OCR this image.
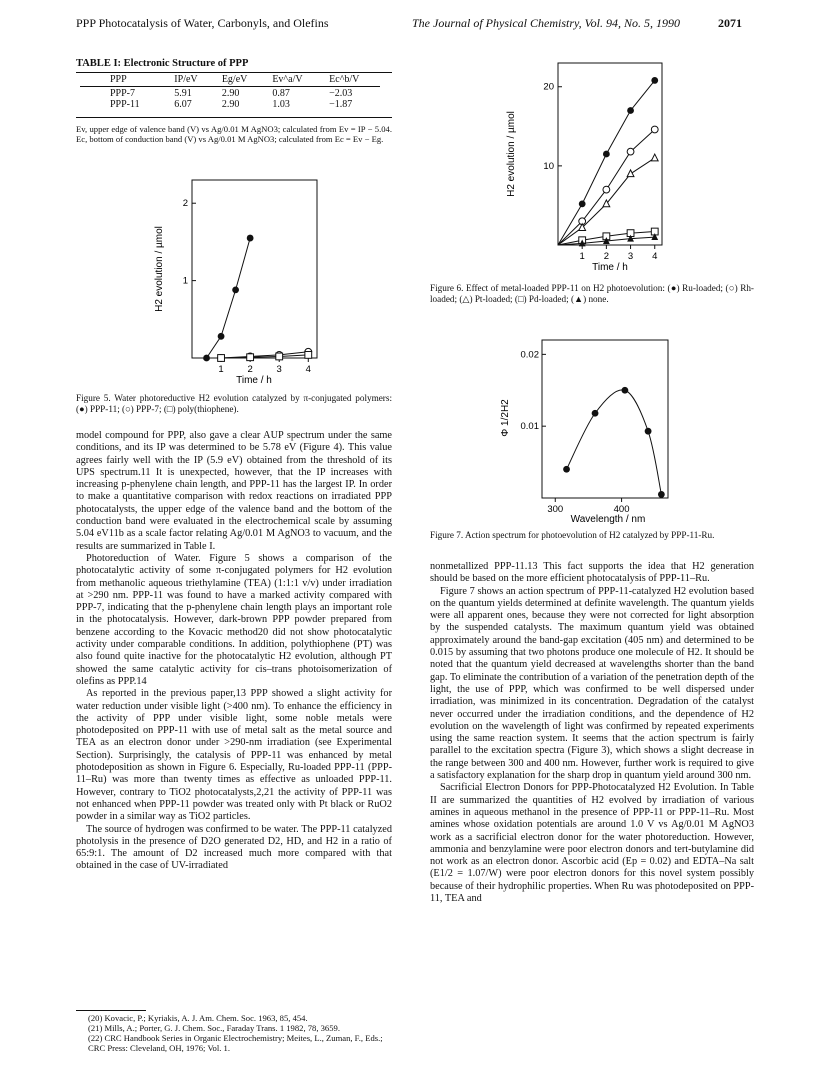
PPP Photocatalysis of Water, Carbonyls, and Olefins	The Journal of Physical Chemistry, Vol. 94, No. 5, 1990	2071
TABLE I: Electronic Structure of PPP
PPP	IP/eV	Eg/eV	Ev^a/V	Ec^b/V

PPP-7	5.91	2.90	0.87	−2.03
PPP-11	6.07	2.90	1.03	−1.87
Ev, upper edge of valence band (V) vs Ag/0.01 M AgNO3; calculated from Ev = IP − 5.04. Ec, bottom of conduction band (V) vs Ag/0.01 M AgNO3; calculated from Ec = Ev − Eg.
1	2	3	4
1
2
H2 evolution / µmol
Time / h
Figure 5. Water photoreductive H2 evolution catalyzed by π-conjugated polymers: (●) PPP-11; (○) PPP-7; (□) poly(thiophene).

model compound for PPP, also gave a clear AUP spectrum under the same conditions, and its IP was determined to be 5.78 eV (Figure 4). This value agrees fairly well with the IP (5.9 eV) obtained from the threshold of its UPS spectrum.11 It is unexpected, however, that the IP increases with increasing p-phenylene chain length, and PPP-11 has the largest IP. In order to make a quantitative comparison with redox reactions on irradiated PPP photocatalysts, the upper edge of the valence band and the bottom of the conduction band were evaluated in the electrochemical scale by assuming 5.04 eV11b as a scale factor relating Ag/0.01 M AgNO3 to vacuum, and the results are summarized in Table I.

Photoreduction of Water. Figure 5 shows a comparison of the photocatalytic activity of some π-conjugated polymers for H2 evolution from methanolic aqueous triethylamine (TEA) (1:1:1 v/v) under irradiation at >290 nm. PPP-11 was found to have a marked activity compared with PPP-7, indicating that the p-phenylene chain length plays an important role in the photocatalysis. However, dark-brown PPP powder prepared from benzene according to the Kovacic method20 did not show photocatalytic activity under comparable conditions. In addition, polythiophene (PT) was also found quite inactive for the photocatalytic H2 evolution, although PT showed the same catalytic activity for cis–trans photoisomerization of olefins as PPP.14

As reported in the previous paper,13 PPP showed a slight activity for water reduction under visible light (>400 nm). To enhance the efficiency in the activity of PPP under visible light, some noble metals were photodeposited on PPP-11 with use of metal salt as the metal source and TEA as an electron donor under >290-nm irradiation (see Experimental Section). Surprisingly, the catalysis of PPP-11 was enhanced by metal photodeposition as shown in Figure 6. Especially, Ru-loaded PPP-11 (PPP-11–Ru) was more than twenty times as effective as unloaded PPP-11. However, contrary to TiO2 photocatalysts,2,21 the activity of PPP-11 was not enhanced when PPP-11 powder was treated only with Pt black or RuO2 powder in a similar way as TiO2 particles.

The source of hydrogen was confirmed to be water. The PPP-11 catalyzed photolysis in the presence of D2O generated D2, HD, and H2 in a ratio of 65:9:1. The amount of D2 increased much more compared with that obtained in the case of UV-irradiated

(20) Kovacic, P.; Kyriakis, A. J. Am. Chem. Soc. 1963, 85, 454.
(21) Mills, A.; Porter, G. J. Chem. Soc., Faraday Trans. 1 1982, 78, 3659.
(22) CRC Handbook Series in Organic Electrochemistry; Meites, L., Zuman, F., Eds.; CRC Press: Cleveland, OH, 1976; Vol. 1.
1 2 3 4
10
20
H2 evolution / µmol
Time / h
Figure 6. Effect of metal-loaded PPP-11 on H2 photoevolution: (●) Ru-loaded; (○) Rh-loaded; (△) Pt-loaded; (□) Pd-loaded; (▲) none.
300	400
0.01
0.02
Φ 1/2H2
Wavelength / nm
Figure 7. Action spectrum for photoevolution of H2 catalyzed by PPP-11-Ru.

nonmetallized PPP-11.13 This fact supports the idea that H2 generation should be based on the more efficient photocatalysis of PPP-11–Ru.

Figure 7 shows an action spectrum of PPP-11-catalyzed H2 evolution based on the quantum yields determined at definite wavelength. The quantum yields were all apparent ones, because they were not corrected for light absorption by the suspended catalysts. The maximum quantum yield was obtained approximately around the band-gap excitation (405 nm) and determined to be 0.015 by assuming that two photons produce one molecule of H2. It should be noted that the quantum yield decreased at wavelengths shorter than the band gap. To eliminate the contribution of a variation of the penetration depth of the light, the use of PPP, which was confirmed to be well dispersed under irradiation, was minimized in its concentration. Degradation of the catalyst never occurred under the irradiation conditions, and the dependence of H2 evolution on the wavelength of light was confirmed by repeated experiments using the same reaction system. It seems that the action spectrum is fairly parallel to the excitation spectra (Figure 3), which shows a slight decrease in the range between 300 and 400 nm. However, further work is required to give a satisfactory explanation for the sharp drop in quantum yield around 300 nm.

Sacrificial Electron Donors for PPP-Photocatalyzed H2 Evolution. In Table II are summarized the quantities of H2 evolved by irradiation of various amines in aqueous methanol in the presence of PPP-11 or PPP-11–Ru. Most amines whose oxidation potentials are around 1.0 V vs Ag/0.01 M AgNO3 work as a sacrificial electron donor for the water photoreduction. However, ammonia and benzylamine were poor electron donors and tert-butylamine did not work as an electron donor. Ascorbic acid (Ep = 0.02) and EDTA–Na salt (E1/2 = 1.07/W) were poor electron donors for this novel system possibly because of their hydrophilic properties. When Ru was photodeposited on PPP-11, TEA and
